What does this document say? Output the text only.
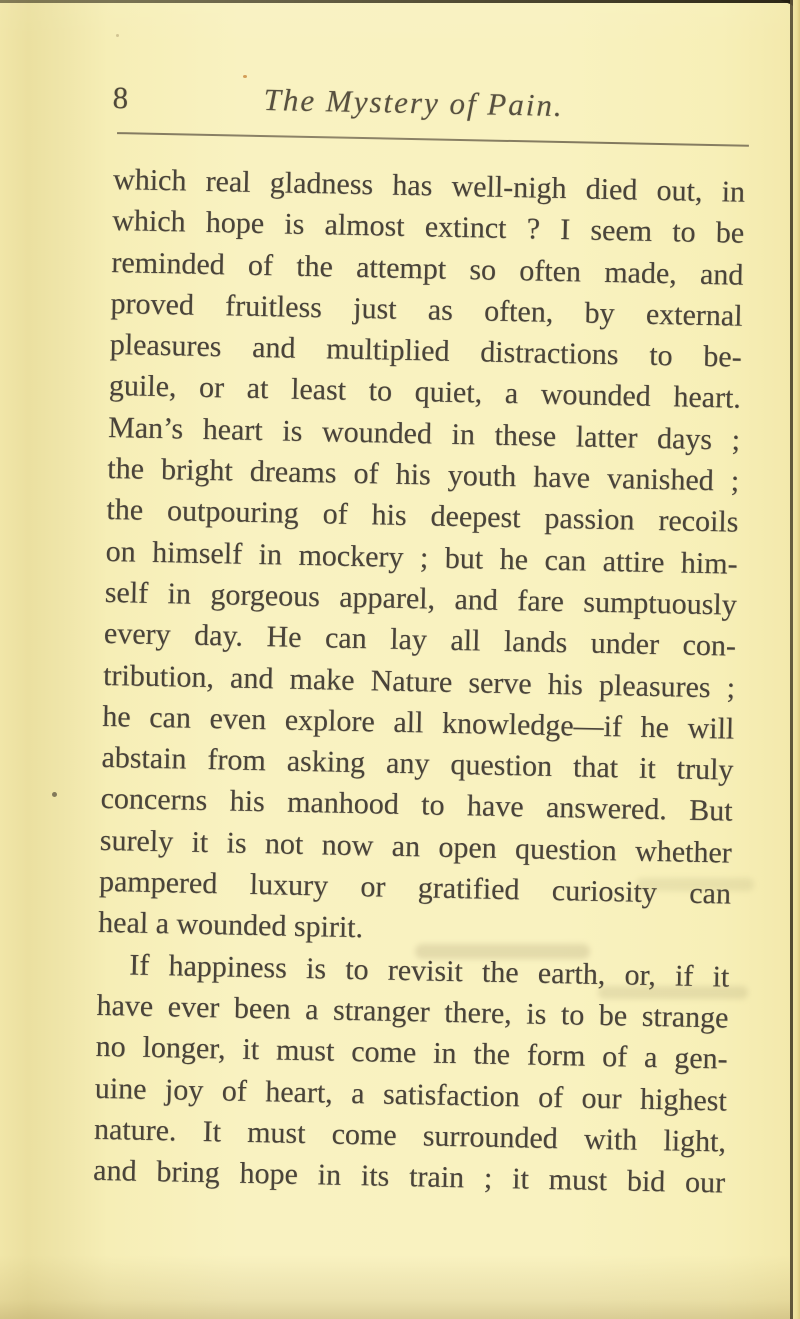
8	The Mystery of Pain.
which real gladness has well-nigh died out, in
which hope is almost extinct ? I seem to be
reminded of the attempt so often made, and
proved fruitless just as often, by external
pleasures and multiplied distractions to be-
guile, or at least to quiet, a wounded heart.
Man’s heart is wounded in these latter days ;
the bright dreams of his youth have vanished ;
the outpouring of his deepest passion recoils
on himself in mockery ; but he can attire him-
self in gorgeous apparel, and fare sumptuously
every day. He can lay all lands under con-
tribution, and make Nature serve his pleasures ;
he can even explore all knowledge—if he will
abstain from asking any question that it truly
concerns his manhood to have answered. But
surely it is not now an open question whether
pampered luxury or gratified curiosity can
heal a wounded spirit.
If happiness is to revisit the earth, or, if it
have ever been a stranger there, is to be strange
no longer, it must come in the form of a gen-
uine joy of heart, a satisfaction of our highest
nature. It must come surrounded with light,
and bring hope in its train ; it must bid our
